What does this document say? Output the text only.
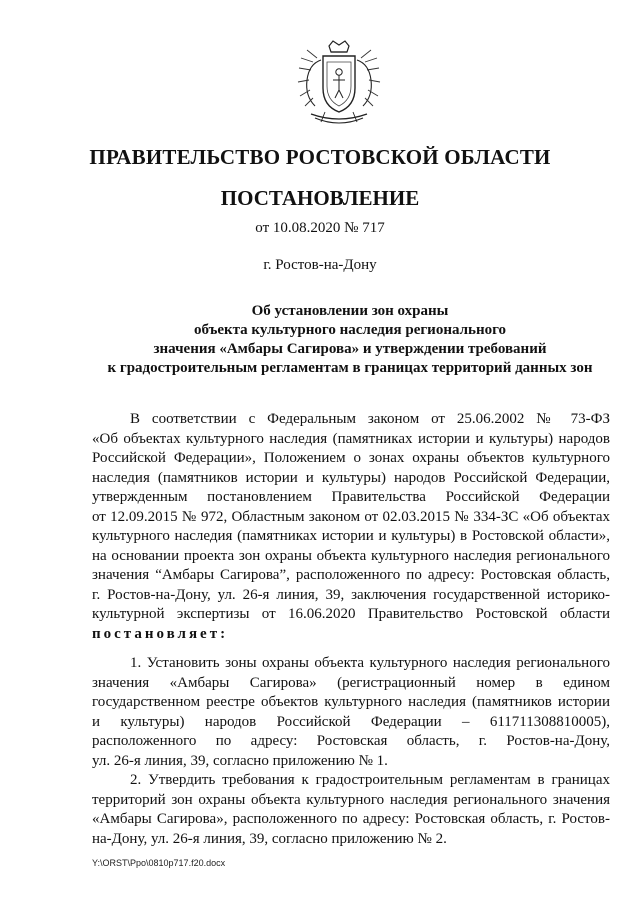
ПРАВИТЕЛЬСТВО РОСТОВСКОЙ ОБЛАСТИ
ПОСТАНОВЛЕНИЕ
от 10.08.2020 № 717
г. Ростов-на-Дону
Об установлении зон охраны
объекта культурного наследия регионального
значения «Амбары Сагирова» и утверждении требований
к градостроительным регламентам в границах территорий данных зон
В соответствии с Федеральным законом от 25.06.2002 № 73-ФЗ
«Об объектах культурного наследия (памятниках истории и культуры) народов
Российской Федерации», Положением о зонах охраны объектов культурного
наследия (памятников истории и культуры) народов Российской Федерации,
утвержденным постановлением Правительства Российской Федерации
от 12.09.2015 № 972, Областным законом от 02.03.2015 № 334-ЗС «Об объектах
культурного наследия (памятниках истории и культуры) в Ростовской области»,
на основании проекта зон охраны объекта культурного наследия регионального
значения “Амбары Сагирова”, расположенного по адресу: Ростовская область,
г. Ростов-на-Дону, ул. 26-я линия, 39, заключения государственной историко-
культурной экспертизы от 16.06.2020 Правительство Ростовской области
постановляет:
1. Установить зоны охраны объекта культурного наследия регионального
значения «Амбары Сагирова» (регистрационный номер в едином
государственном реестре объектов культурного наследия (памятников истории
и культуры) народов Российской Федерации – 611711308810005),
расположенного по адресу: Ростовская область, г. Ростов-на-Дону,
ул. 26-я линия, 39, согласно приложению № 1.
2. Утвердить требования к градостроительным регламентам в границах
территорий зон охраны объекта культурного наследия регионального значения
«Амбары Сагирова», расположенного по адресу: Ростовская область, г. Ростов-
на-Дону, ул. 26-я линия, 39, согласно приложению № 2.
Y:\ORST\Ppo\0810p717.f20.docx
